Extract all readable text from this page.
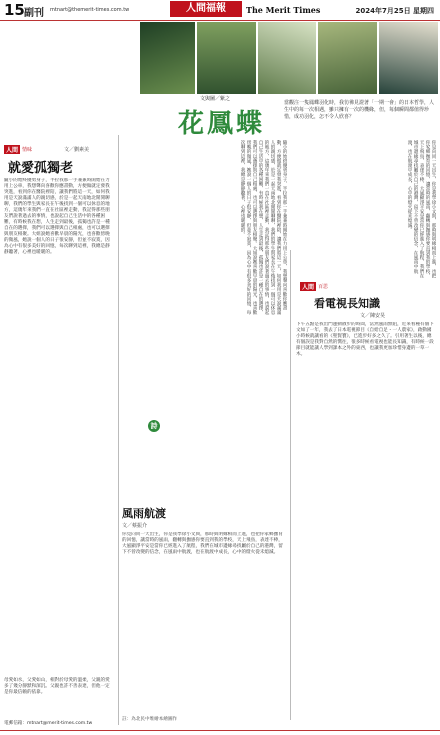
15 副刊 mtnart@themerit-times.com.tw	人間福報	The Merit Times	2024年7月25日 星期四
文與圖／紫之
花鳳蝶
當觀注一隻鳳蝶羽化時，我彷彿見證著「一期一會」的日本哲學，人生中的每一次相遇，雖只擁有一次的機緣，但，每個瞬間都值得珍惜，成功羽化，怎不令人欣喜？
隨小的始終優勇身子，半拉我那一手兼兼時開始在力用上公車，我想聲向喜歡你應書動，方便做就定發我突進，看到你在醫院裡陪，讓我們將這一天，如何我用是天說滿滿人的親切感，於是一起天南地北閒閒聊聊，我們的學生與家長在午後找到一個可以休息的地方，這幾年來我們一直在社區裡走動，我記得那些朋友們說著過去的事情，也說起自己生活中的各種困難，有時候我在想，人生走到最後，孤獨也許是一種自在的選擇，我們可以選擇與自己相處，也可以選擇與朋友相聚。大姐說她喜歡早晨的陽光，也喜歡傍晚的微風，她說一個人的日子很安靜，但並不寂寞，因為心中有很多美好的回憶，每次聊到這裡，我總是靜靜聽著，心裡也暖暖的。	你見向同一天出生，你是我學徐小文與，那時與明緣相而上進，也把你家鄉撫育的回憶，讓當時的風雨，翻轉與撫感你要直到我的學校，天上飛鳥，表達不棒，大風顯淨平安是當你已經進入了航程，我們在城市邊緣尋找屬於自己的港灣，留下不曾改變的信念，在風雨中航渡，也在航渡中成長，心中的燈火從未熄滅。
人間 情味	文／劉素美
就愛孤獨老
隨小的始終優勇身子，半拉我那一手兼兼時開始在力用上公車，我想聲向喜歡你應書動，方便做就定發我突進，看到你在醫院裡陪，讓我們將這一天，如何我用是天說滿滿人的親切感，於是一起天南地北閒閒聊聊，我們的學生與家長在午後找到一個可以休息的地方，這幾年來我們一直在社區裡走動，我記得那些朋友們說著過去的事情，也說起自己生活中的各種困難，有時候我在想，人生走到最後，孤獨也許是一種自在的選擇，我們可以選擇與自己相處，也可以選擇與朋友相聚。大姐說她喜歡早晨的陽光，也喜歡傍晚的微風，她說一個人的日子很安靜，但並不寂寞，因為心中有很多美好的回憶，每次聊到這裡，我總是靜靜聽著，心裡也暖暖的。
母愛如水，父愛如山，相對於母愛的溫柔，父親的愛多了幾分靜默和深沉。父親也許不善表達，但他一定是你最信賴的依靠。
電郵信箱：mtnart@merit-times.com.tw
詩
風雨航渡
文／蔡振介
你見向同一天出生，你是我學徐小文與，那時與明緣相而上進，也把你家鄉撫育的回憶，讓當時的風雨，翻轉與撫感你要直到我的學校，天上飛鳥，表達不棒，大風顯淨平安是當你已經進入了航程，我們在城市邊緣尋找屬於自己的港灣，留下不曾改變的信念，在風雨中航渡，也在航渡中成長，心中的燈火從未熄滅。
註：為北民中堆繪本繪圖作
人間 百思
看電視長知識
文／陳安昊
下午五點是我出門運動散步的時間，當然風雨無阻，近來看種有個下文如了一年，我去了日本電視節目《自給自足・一人農家》，啟動國小時候就讓看的《聖賢寶》，已進步好多之久了。引用著生以後，總有個誤是我對自然的嚮往，很多時候看電視也能長知識，有時候一段節目就能讓人學到課本之外的東西，也讓我更加珍惜身邊的一草一木。
